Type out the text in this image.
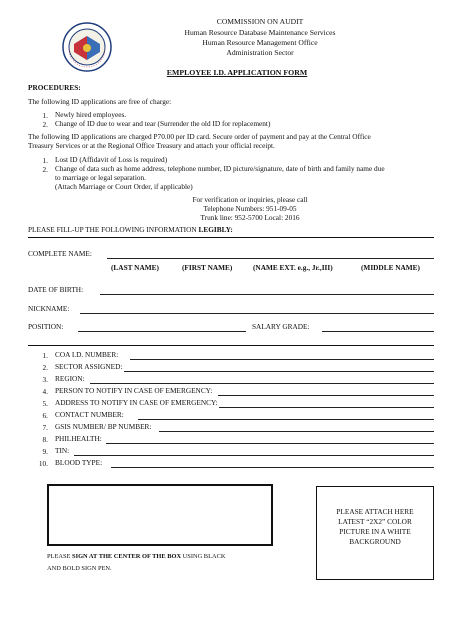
COMMISSION ON AUDIT
Human Resource Database Maintenance Services
Human Resource Management Office
Administration Sector
EMPLOYEE I.D. APPLICATION FORM
PROCEDURES:
The following ID applications are free of charge:
1. Newly hired employees.
2. Change of ID due to wear and tear (Surrender the old ID for replacement)
The following ID applications are charged P70.00 per ID card. Secure order of payment and pay at the Central Office
Treasury Services or at the Regional Office Treasury and attach your official receipt.
1. Lost ID (Affidavit of Loss is required)
2. Change of data such as home address, telephone number, ID picture/signature, date of birth and family name due
to marriage or legal separation.
(Attach Marriage or Court Order, if applicable)
For verification or inquiries, please call
Telephone Numbers: 951-09-05
Trunk line: 952-5700 Local: 2016
PLEASE FILL-UP THE FOLLOWING INFORMATION LEGIBLY:
COMPLETE NAME:
(LAST NAME)	(FIRST NAME)	(NAME EXT. e.g., Jr.,III)	(MIDDLE NAME)
DATE OF BIRTH:
NICKNAME:
POSITION:	SALARY GRADE:
1. COA I.D. NUMBER:
2. SECTOR ASSIGNED:
3. REGION:
4. PERSON TO NOTIFY IN CASE OF EMERGENCY:
5. ADDRESS TO NOTIFY IN CASE OF EMERGENCY:
6. CONTACT NUMBER:
7. GSIS NUMBER/ BP NUMBER:
8. PHILHEALTH:
9. TIN:
10. BLOOD TYPE:
PLEASE SIGN AT THE CENTER OF THE BOX USING BLACK
AND BOLD SIGN PEN.
PLEASE ATTACH HERE
LATEST “2X2” COLOR
PICTURE IN A WHITE
BACKGROUND
